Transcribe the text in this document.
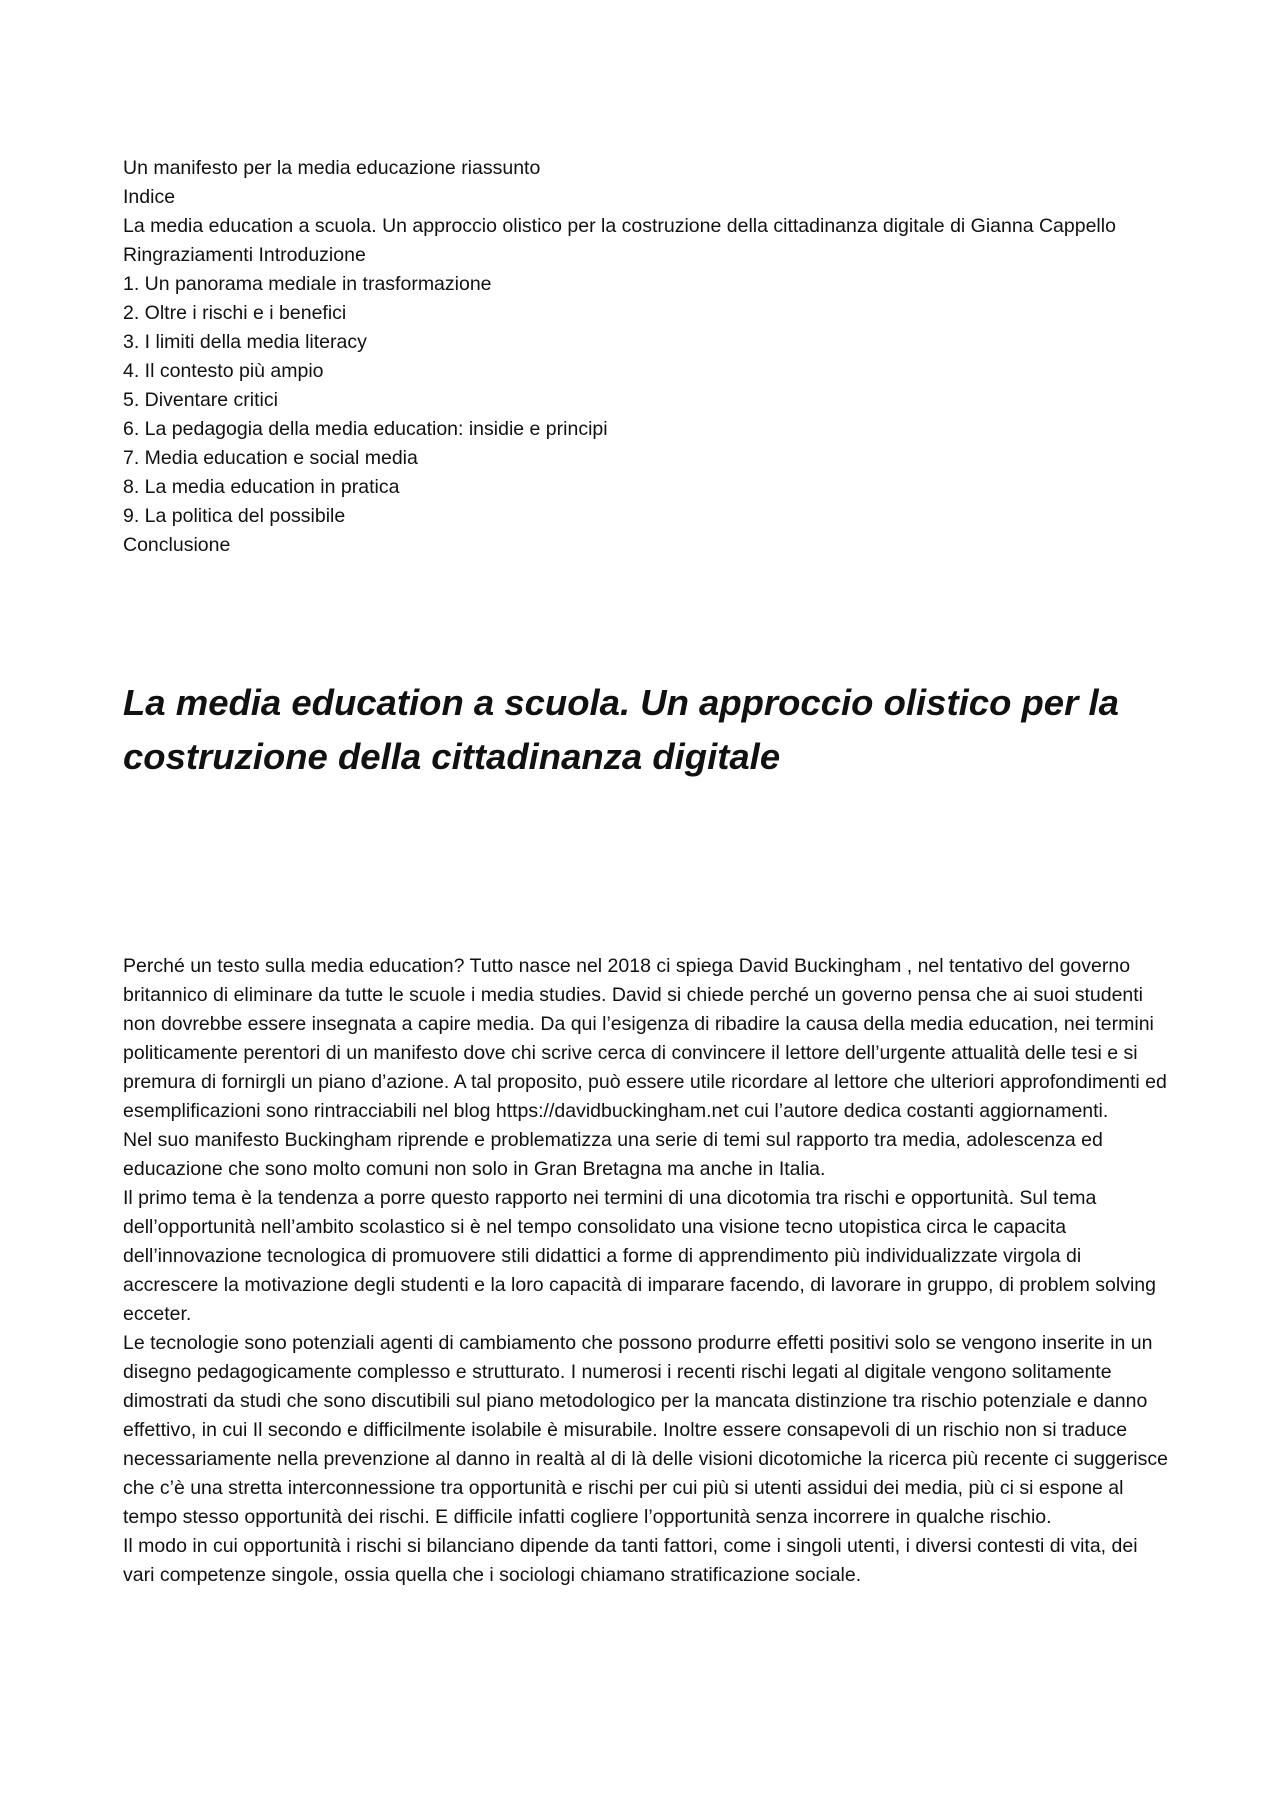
Un manifesto per la media educazione riassunto
Indice
La media education a scuola. Un approccio olistico per la costruzione della cittadinanza digitale di Gianna Cappello
Ringraziamenti Introduzione
1. Un panorama mediale in trasformazione
2. Oltre i rischi e i benefici
3. I limiti della media literacy
4. Il contesto più ampio
5. Diventare critici
6. La pedagogia della media education: insidie e principi
7. Media education e social media
8. La media education in pratica
9. La politica del possibile
Conclusione
La media education a scuola. Un approccio olistico per la costruzione della cittadinanza digitale

Perché un testo sulla media education? Tutto nasce nel 2018 ci spiega David Buckingham , nel tentativo del governo britannico di eliminare da tutte le scuole i media studies. David si chiede perché un governo pensa che ai suoi studenti non dovrebbe essere insegnata a capire media. Da qui l’esigenza di ribadire la causa della media education, nei termini politicamente perentori di un manifesto dove chi scrive cerca di convincere il lettore dell’urgente attualità delle tesi e si premura di fornirgli un piano d’azione. A tal proposito, può essere utile ricordare al lettore che ulteriori approfondimenti ed esemplificazioni sono rintracciabili nel blog https://davidbuckingham.net cui l’autore dedica costanti aggiornamenti.

Nel suo manifesto Buckingham riprende e problematizza una serie di temi sul rapporto tra media, adolescenza ed educazione che sono molto comuni non solo in Gran Bretagna ma anche in Italia.

Il primo tema è la tendenza a porre questo rapporto nei termini di una dicotomia tra rischi e opportunità. Sul tema dell’opportunità nell’ambito scolastico si è nel tempo consolidato una visione tecno utopistica circa le capacita dell’innovazione tecnologica di promuovere stili didattici a forme di apprendimento più individualizzate virgola di accrescere la motivazione degli studenti e la loro capacità di imparare facendo, di lavorare in gruppo, di problem solving ecceter.

Le tecnologie sono potenziali agenti di cambiamento che possono produrre effetti positivi solo se vengono inserite in un disegno pedagogicamente complesso e strutturato. I numerosi i recenti rischi legati al digitale vengono solitamente dimostrati da studi che sono discutibili sul piano metodologico per la mancata distinzione tra rischio potenziale e danno effettivo, in cui Il secondo e difficilmente isolabile è misurabile. Inoltre essere consapevoli di un rischio non si traduce necessariamente nella prevenzione al danno in realtà al di là delle visioni dicotomiche la ricerca più recente ci suggerisce che c’è una stretta interconnessione tra opportunità e rischi per cui più si utenti assidui dei media, più ci si espone al tempo stesso opportunità dei rischi. E difficile infatti cogliere l’opportunità senza incorrere in qualche rischio.

Il modo in cui opportunità i rischi si bilanciano dipende da tanti fattori, come i singoli utenti, i diversi contesti di vita, dei vari competenze singole, ossia quella che i sociologi chiamano stratificazione sociale.
